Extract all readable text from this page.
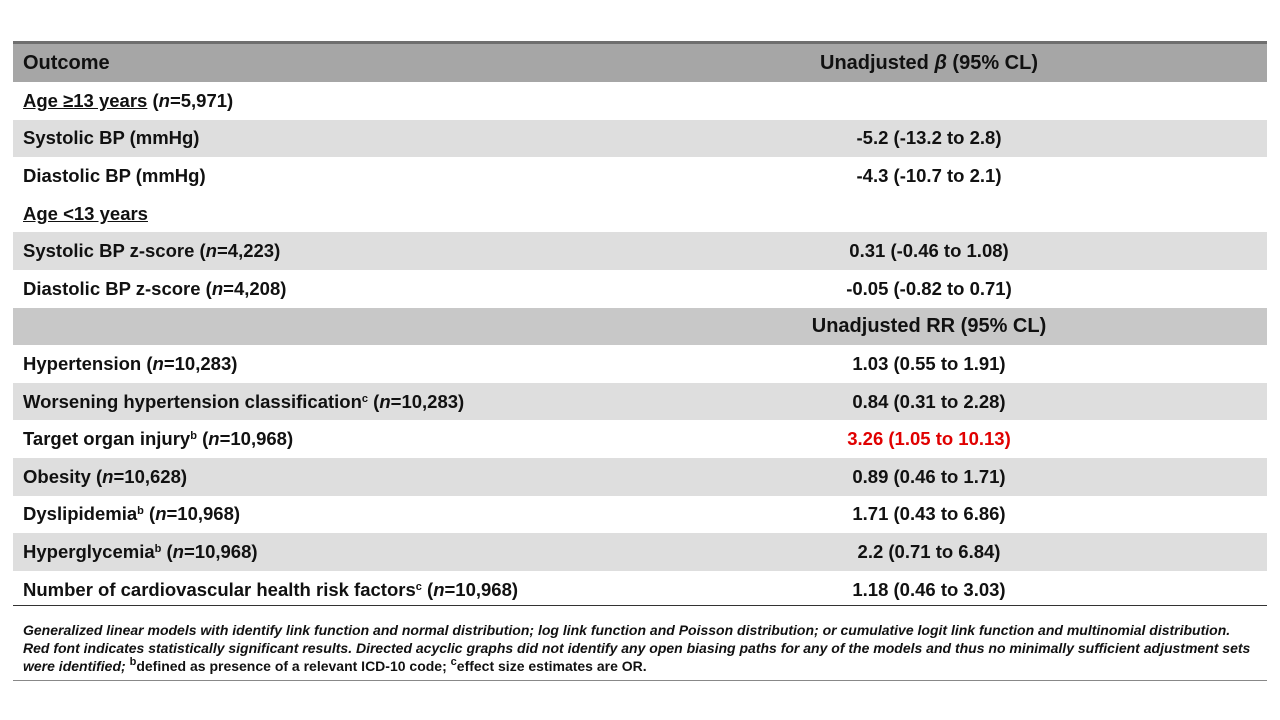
Outcome	Unadjusted β (95% CL)
Age ≥13 years (n=5,971)
Systolic BP (mmHg)	-5.2 (-13.2 to 2.8)
Diastolic BP (mmHg)	-4.3 (-10.7 to 2.1)
Age <13 years
Systolic BP z-score (n=4,223)	0.31 (-0.46 to 1.08)
Diastolic BP z-score (n=4,208)	-0.05 (-0.82 to 0.71)
Unadjusted RR (95% CL)
Hypertension (n=10,283)	1.03 (0.55 to 1.91)
Worsening hypertension classification$^c$ (n=10,283)	0.84 (0.31 to 2.28)
Target organ injury$^b$ (n=10,968)	3.26 (1.05 to 10.13)
Obesity (n=10,628)	0.89 (0.46 to 1.71)
Dyslipidemia$^b$ (n=10,968)	1.71 (0.43 to 6.86)
Hyperglycemia$^b$ (n=10,968)	2.2 (0.71 to 6.84)
Number of cardiovascular health risk factors$^c$ (n=10,968)	1.18 (0.46 to 3.03)
Generalized linear models with identify link function and normal distribution; log link function and Poisson distribution; or cumulative logit link function and multinomial distribution. Red font indicates statistically significant results. Directed acyclic graphs did not identify any open biasing paths for any of the models and thus no minimally sufficient adjustment sets were identified; $^b$defined as presence of a relevant ICD-10 code; $^c$effect size estimates are OR.
